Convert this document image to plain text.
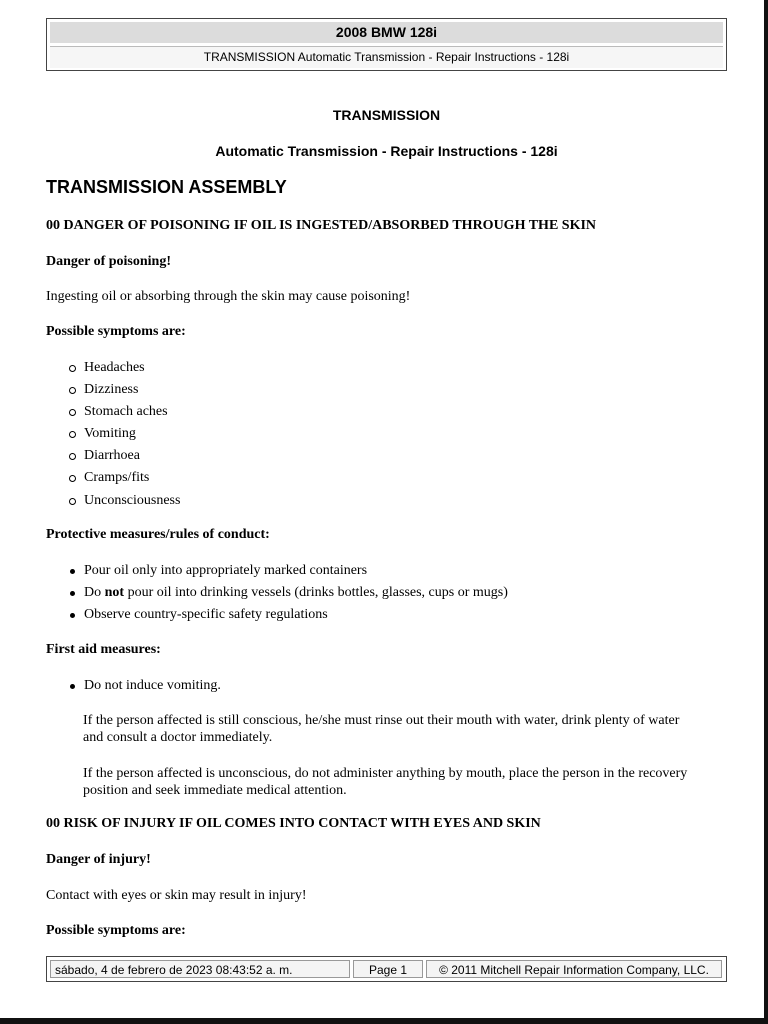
2008 BMW 128i
TRANSMISSION Automatic Transmission - Repair Instructions - 128i
TRANSMISSION
Automatic Transmission - Repair Instructions - 128i
TRANSMISSION ASSEMBLY
00 DANGER OF POISONING IF OIL IS INGESTED/ABSORBED THROUGH THE SKIN
Danger of poisoning!
Ingesting oil or absorbing through the skin may cause poisoning!
Possible symptoms are:
Headaches
Dizziness
Stomach aches
Vomiting
Diarrhoea
Cramps/fits
Unconsciousness
Protective measures/rules of conduct:
Pour oil only into appropriately marked containers
Do not pour oil into drinking vessels (drinks bottles, glasses, cups or mugs)
Observe country-specific safety regulations
First aid measures:
Do not induce vomiting.
If the person affected is still conscious, he/she must rinse out their mouth with water, drink plenty of water and consult a doctor immediately.
If the person affected is unconscious, do not administer anything by mouth, place the person in the recovery position and seek immediate medical attention.
00 RISK OF INJURY IF OIL COMES INTO CONTACT WITH EYES AND SKIN
Danger of injury!
Contact with eyes or skin may result in injury!
Possible symptoms are:
sábado, 4 de febrero de 2023 08:43:52 a. m.	Page 1	© 2011 Mitchell Repair Information Company, LLC.
